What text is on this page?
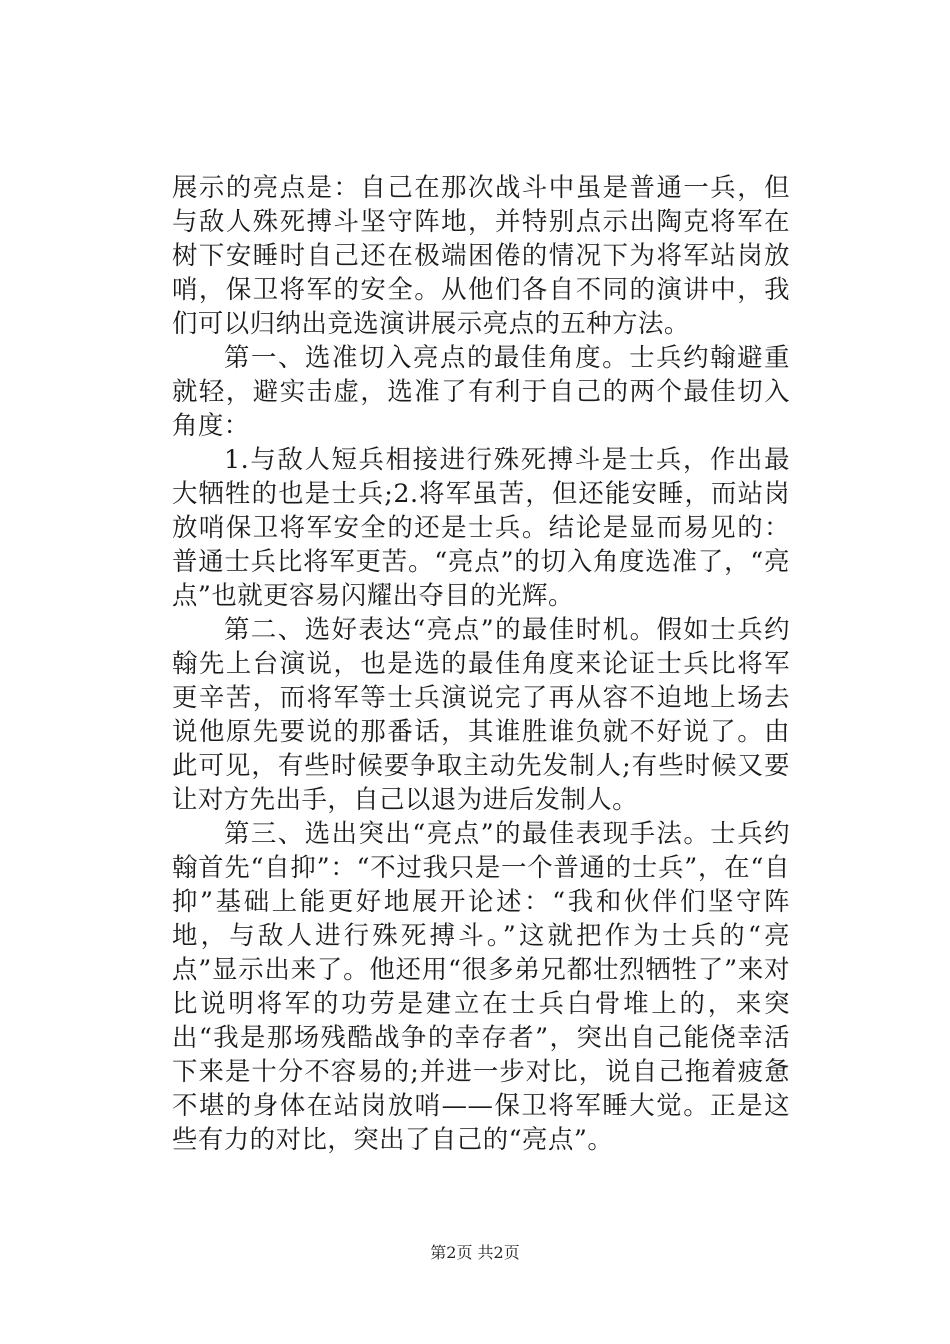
展示的亮点是：自己在那次战斗中虽是普通一兵，但与敌人殊死搏斗坚守阵地，并特别点示出陶克将军在树下安睡时自己还在极端困倦的情况下为将军站岗放哨，保卫将军的安全。从他们各自不同的演讲中，我们可以归纳出竞选演讲展示亮点的五种方法。

第一、选准切入亮点的最佳角度。士兵约翰避重就轻，避实击虚，选准了有利于自己的两个最佳切入角度：

1.与敌人短兵相接进行殊死搏斗是士兵，作出最大牺牲的也是士兵;2.将军虽苦，但还能安睡，而站岗放哨保卫将军安全的还是士兵。结论是显而易见的：普通士兵比将军更苦。“亮点”的切入角度选准了，“亮点”也就更容易闪耀出夺目的光辉。

第二、选好表达“亮点”的最佳时机。假如士兵约翰先上台演说，也是选的最佳角度来论证士兵比将军更辛苦，而将军等士兵演说完了再从容不迫地上场去说他原先要说的那番话，其谁胜谁负就不好说了。由此可见，有些时候要争取主动先发制人;有些时候又要让对方先出手，自己以退为进后发制人。

第三、选出突出“亮点”的最佳表现手法。士兵约翰首先“自抑”：“不过我只是一个普通的士兵”，在“自抑”基础上能更好地展开论述：“我和伙伴们坚守阵地，与敌人进行殊死搏斗。”这就把作为士兵的“亮点”显示出来了。他还用“很多弟兄都壮烈牺牲了”来对比说明将军的功劳是建立在士兵白骨堆上的，来突出“我是那场残酷战争的幸存者”，突出自己能侥幸活下来是十分不容易的;并进一步对比，说自己拖着疲惫不堪的身体在站岗放哨——保卫将军睡大觉。正是这些有力的对比，突出了自己的“亮点”。

第2页 共2页
